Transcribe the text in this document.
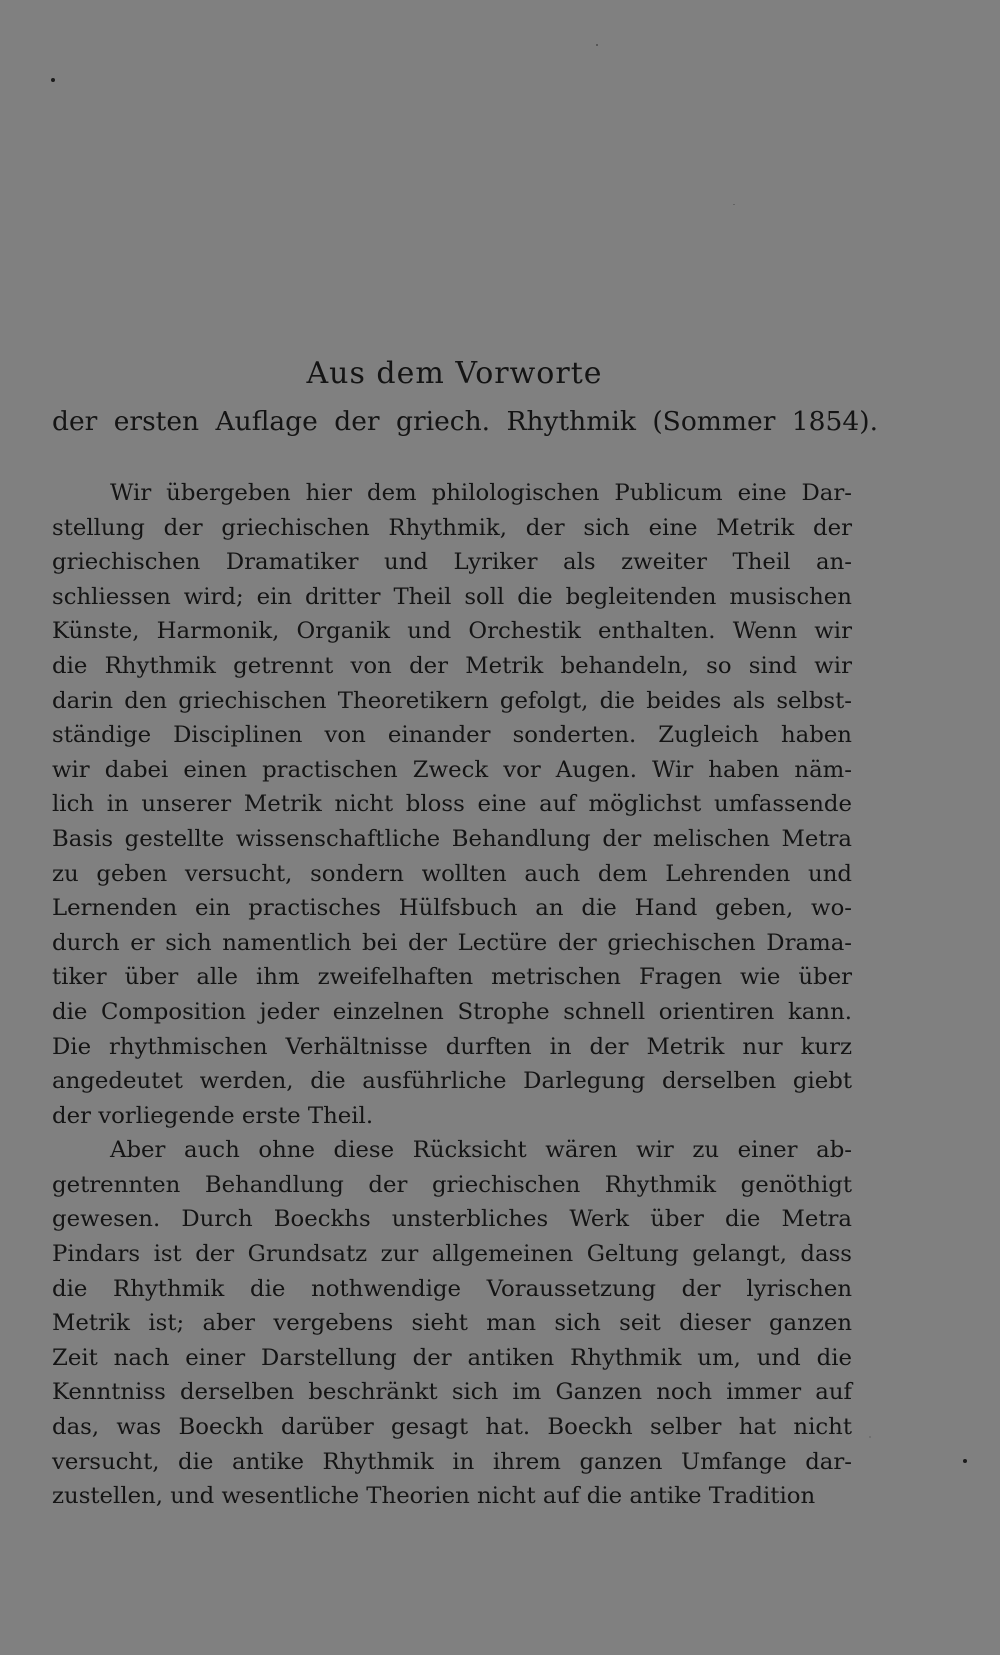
Aus dem Vorworte
der ersten Auflage der griech. Rhythmik (Sommer 1854).
Wir übergeben hier dem philologischen Publicum eine Dar-
stellung der griechischen Rhythmik, der sich eine Metrik der
griechischen Dramatiker und Lyriker als zweiter Theil an-
schliessen wird; ein dritter Theil soll die begleitenden musischen
Künste, Harmonik, Organik und Orchestik enthalten. Wenn wir
die Rhythmik getrennt von der Metrik behandeln, so sind wir
darin den griechischen Theoretikern gefolgt, die beides als selbst-
ständige Disciplinen von einander sonderten. Zugleich haben
wir dabei einen practischen Zweck vor Augen. Wir haben näm-
lich in unserer Metrik nicht bloss eine auf möglichst umfassende
Basis gestellte wissenschaftliche Behandlung der melischen Metra
zu geben versucht, sondern wollten auch dem Lehrenden und
Lernenden ein practisches Hülfsbuch an die Hand geben, wo-
durch er sich namentlich bei der Lectüre der griechischen Drama-
tiker über alle ihm zweifelhaften metrischen Fragen wie über
die Composition jeder einzelnen Strophe schnell orientiren kann.
Die rhythmischen Verhältnisse durften in der Metrik nur kurz
angedeutet werden, die ausführliche Darlegung derselben giebt
der vorliegende erste Theil.
Aber auch ohne diese Rücksicht wären wir zu einer ab-
getrennten Behandlung der griechischen Rhythmik genöthigt
gewesen. Durch Boeckhs unsterbliches Werk über die Metra
Pindars ist der Grundsatz zur allgemeinen Geltung gelangt, dass
die Rhythmik die nothwendige Voraussetzung der lyrischen
Metrik ist; aber vergebens sieht man sich seit dieser ganzen
Zeit nach einer Darstellung der antiken Rhythmik um, und die
Kenntniss derselben beschränkt sich im Ganzen noch immer auf
das, was Boeckh darüber gesagt hat. Boeckh selber hat nicht
versucht, die antike Rhythmik in ihrem ganzen Umfange dar-
zustellen, und wesentliche Theorien nicht auf die antike Tradition
